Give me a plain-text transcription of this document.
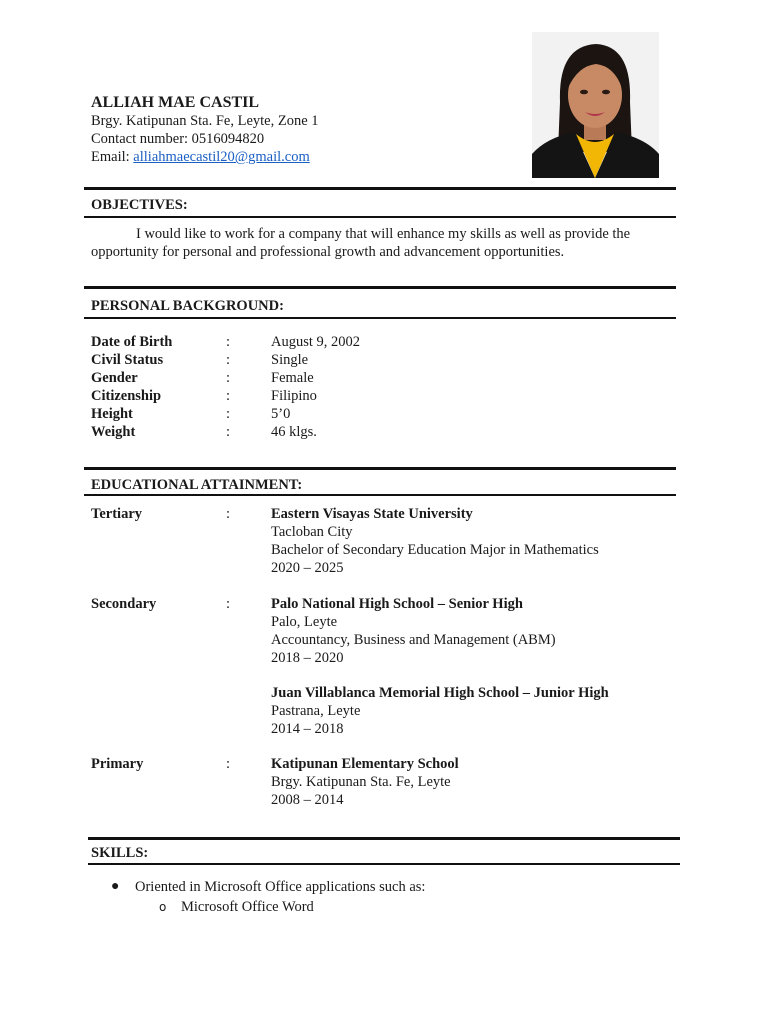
ALLIAH MAE CASTIL
Brgy. Katipunan Sta. Fe, Leyte, Zone 1
Contact number: 0516094820
Email: alliahmaecastil20@gmail.com
OBJECTIVES:
I would like to work for a company that will enhance my skills as well as provide the opportunity for personal and professional growth and advancement opportunities.
PERSONAL BACKGROUND:
Date of Birth	:	August 9, 2002
Civil Status	:	Single
Gender	:	Female
Citizenship	:	Filipino
Height	:	5’0
Weight	:	46 klgs.
EDUCATIONAL ATTAINMENT:
Tertiary	:	Eastern Visayas State University
Tacloban City
Bachelor of Secondary Education Major in Mathematics
2020 – 2025
Secondary	:	Palo National High School – Senior High
Palo, Leyte
Accountancy, Business and Management (ABM)
2018 – 2020
Juan Villablanca Memorial High School – Junior High
Pastrana, Leyte
2014 – 2018
Primary	:	Katipunan Elementary School
Brgy. Katipunan Sta. Fe, Leyte
2008 – 2014
SKILLS:
● Oriented in Microsoft Office applications such as:
o Microsoft Office Word
